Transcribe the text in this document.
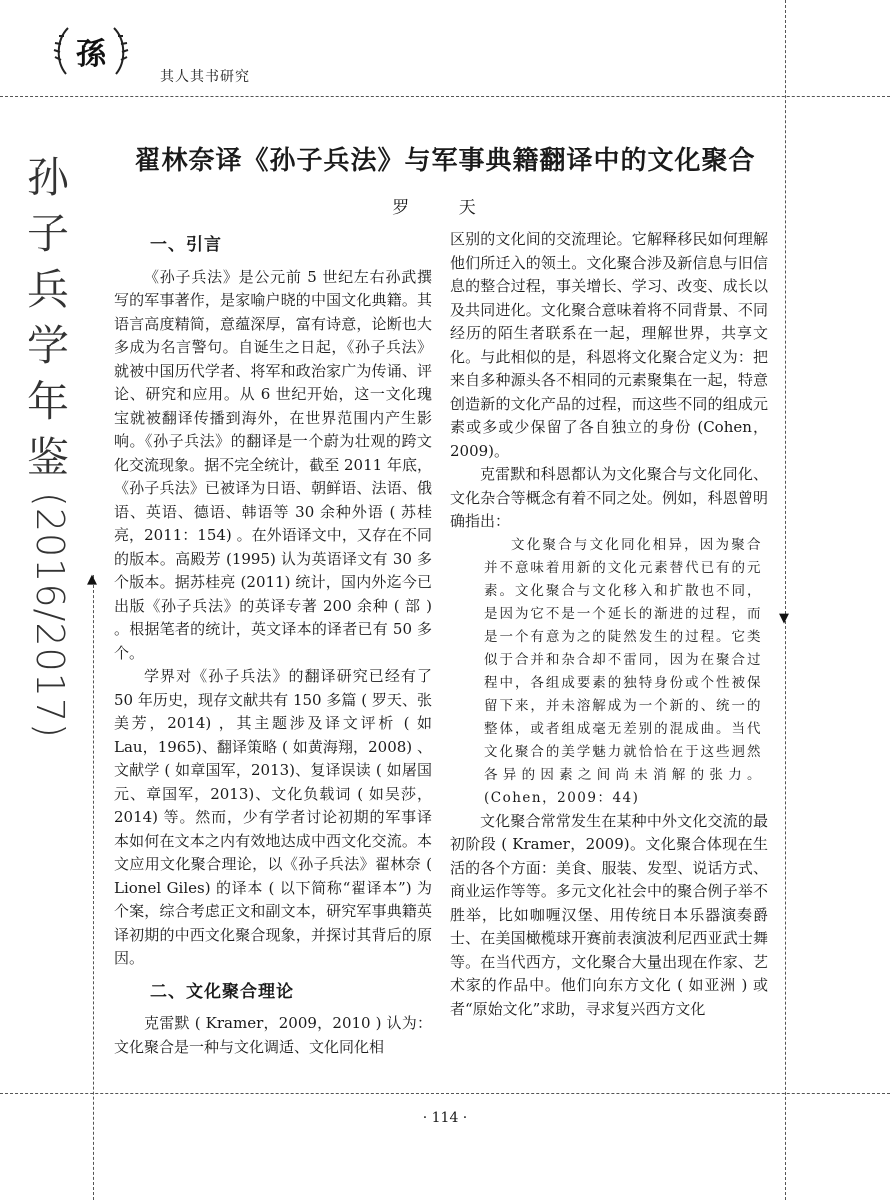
孫
其人其书研究
孙
子
兵
学
年
鉴
(2016/2017)	▲
▼
翟林奈译《孙子兵法》与军事典籍翻译中的文化聚合
罗 天
一、引言

《孙子兵法》是公元前 5 世纪左右孙武撰写的军事著作，是家喻户晓的中国文化典籍。其语言高度精简，意蕴深厚，富有诗意，论断也大多成为名言警句。自诞生之日起，《孙子兵法》就被中国历代学者、将军和政治家广为传诵、评论、研究和应用。从 6 世纪开始，这一文化瑰宝就被翻译传播到海外，在世界范围内产生影响。《孙子兵法》的翻译是一个蔚为壮观的跨文化交流现象。据不完全统计，截至 2011 年底，《孙子兵法》已被译为日语、朝鲜语、法语、俄语、英语、德语、韩语等 30 余种外语 ( 苏桂亮，2011：154) 。在外语译文中，又存在不同的版本。高殿芳 (1995) 认为英语译文有 30 多个版本。据苏桂亮 (2011) 统计，国内外迄今已出版《孙子兵法》的英译专著 200 余种 ( 部 ) 。根据笔者的统计，英文译本的译者已有 50 多个。

学界对《孙子兵法》的翻译研究已经有了 50 年历史，现存文献共有 150 多篇 ( 罗天、张美芳，2014) ，其主题涉及译文评析 ( 如 Lau，1965)、翻译策略 ( 如黄海翔，2008) 、文献学 ( 如章国军，2013)、复译误读 ( 如屠国元、章国军，2013)、文化负载词 ( 如吴莎，2014) 等。然而，少有学者讨论初期的军事译本如何在文本之内有效地达成中西文化交流。本文应用文化聚合理论，以《孙子兵法》翟林奈 ( Lionel Giles) 的译本 ( 以下简称“翟译本”) 为个案，综合考虑正文和副文本，研究军事典籍英译初期的中西文化聚合现象，并探讨其背后的原因。

二、文化聚合理论

克雷默 ( Kramer，2009，2010 ) 认为：文化聚合是一种与文化调适、文化同化相

区别的文化间的交流理论。它解释移民如何理解他们所迁入的领土。文化聚合涉及新信息与旧信息的整合过程，事关增长、学习、改变、成长以及共同进化。文化聚合意味着将不同背景、不同经历的陌生者联系在一起，理解世界，共享文化。与此相似的是，科恩将文化聚合定义为：把来自多种源头各不相同的元素聚集在一起，特意创造新的文化产品的过程，而这些不同的组成元素或多或少保留了各自独立的身份 (Cohen，2009)。

克雷默和科恩都认为文化聚合与文化同化、文化杂合等概念有着不同之处。例如，科恩曾明确指出：

文化聚合与文化同化相异，因为聚合并不意味着用新的文化元素替代已有的元素。文化聚合与文化移入和扩散也不同，是因为它不是一个延长的渐进的过程，而是一个有意为之的陡然发生的过程。它类似于合并和杂合却不雷同，因为在聚合过程中，各组成要素的独特身份或个性被保留下来，并未溶解成为一个新的、统一的整体，或者组成毫无差别的混成曲。当代文化聚合的美学魅力就恰恰在于这些迥然各异的因素之间尚未消解的张力。(Cohen，2009：44)

文化聚合常常发生在某种中外文化交流的最初阶段 ( Kramer，2009)。文化聚合体现在生活的各个方面：美食、服装、发型、说话方式、商业运作等等。多元文化社会中的聚合例子举不胜举，比如咖喱汉堡、用传统日本乐器演奏爵士、在美国橄榄球开赛前表演波利尼西亚武士舞等。在当代西方，文化聚合大量出现在作家、艺术家的作品中。他们向东方文化 ( 如亚洲 ) 或者“原始文化”求助，寻求复兴西方文化

· 114 ·
